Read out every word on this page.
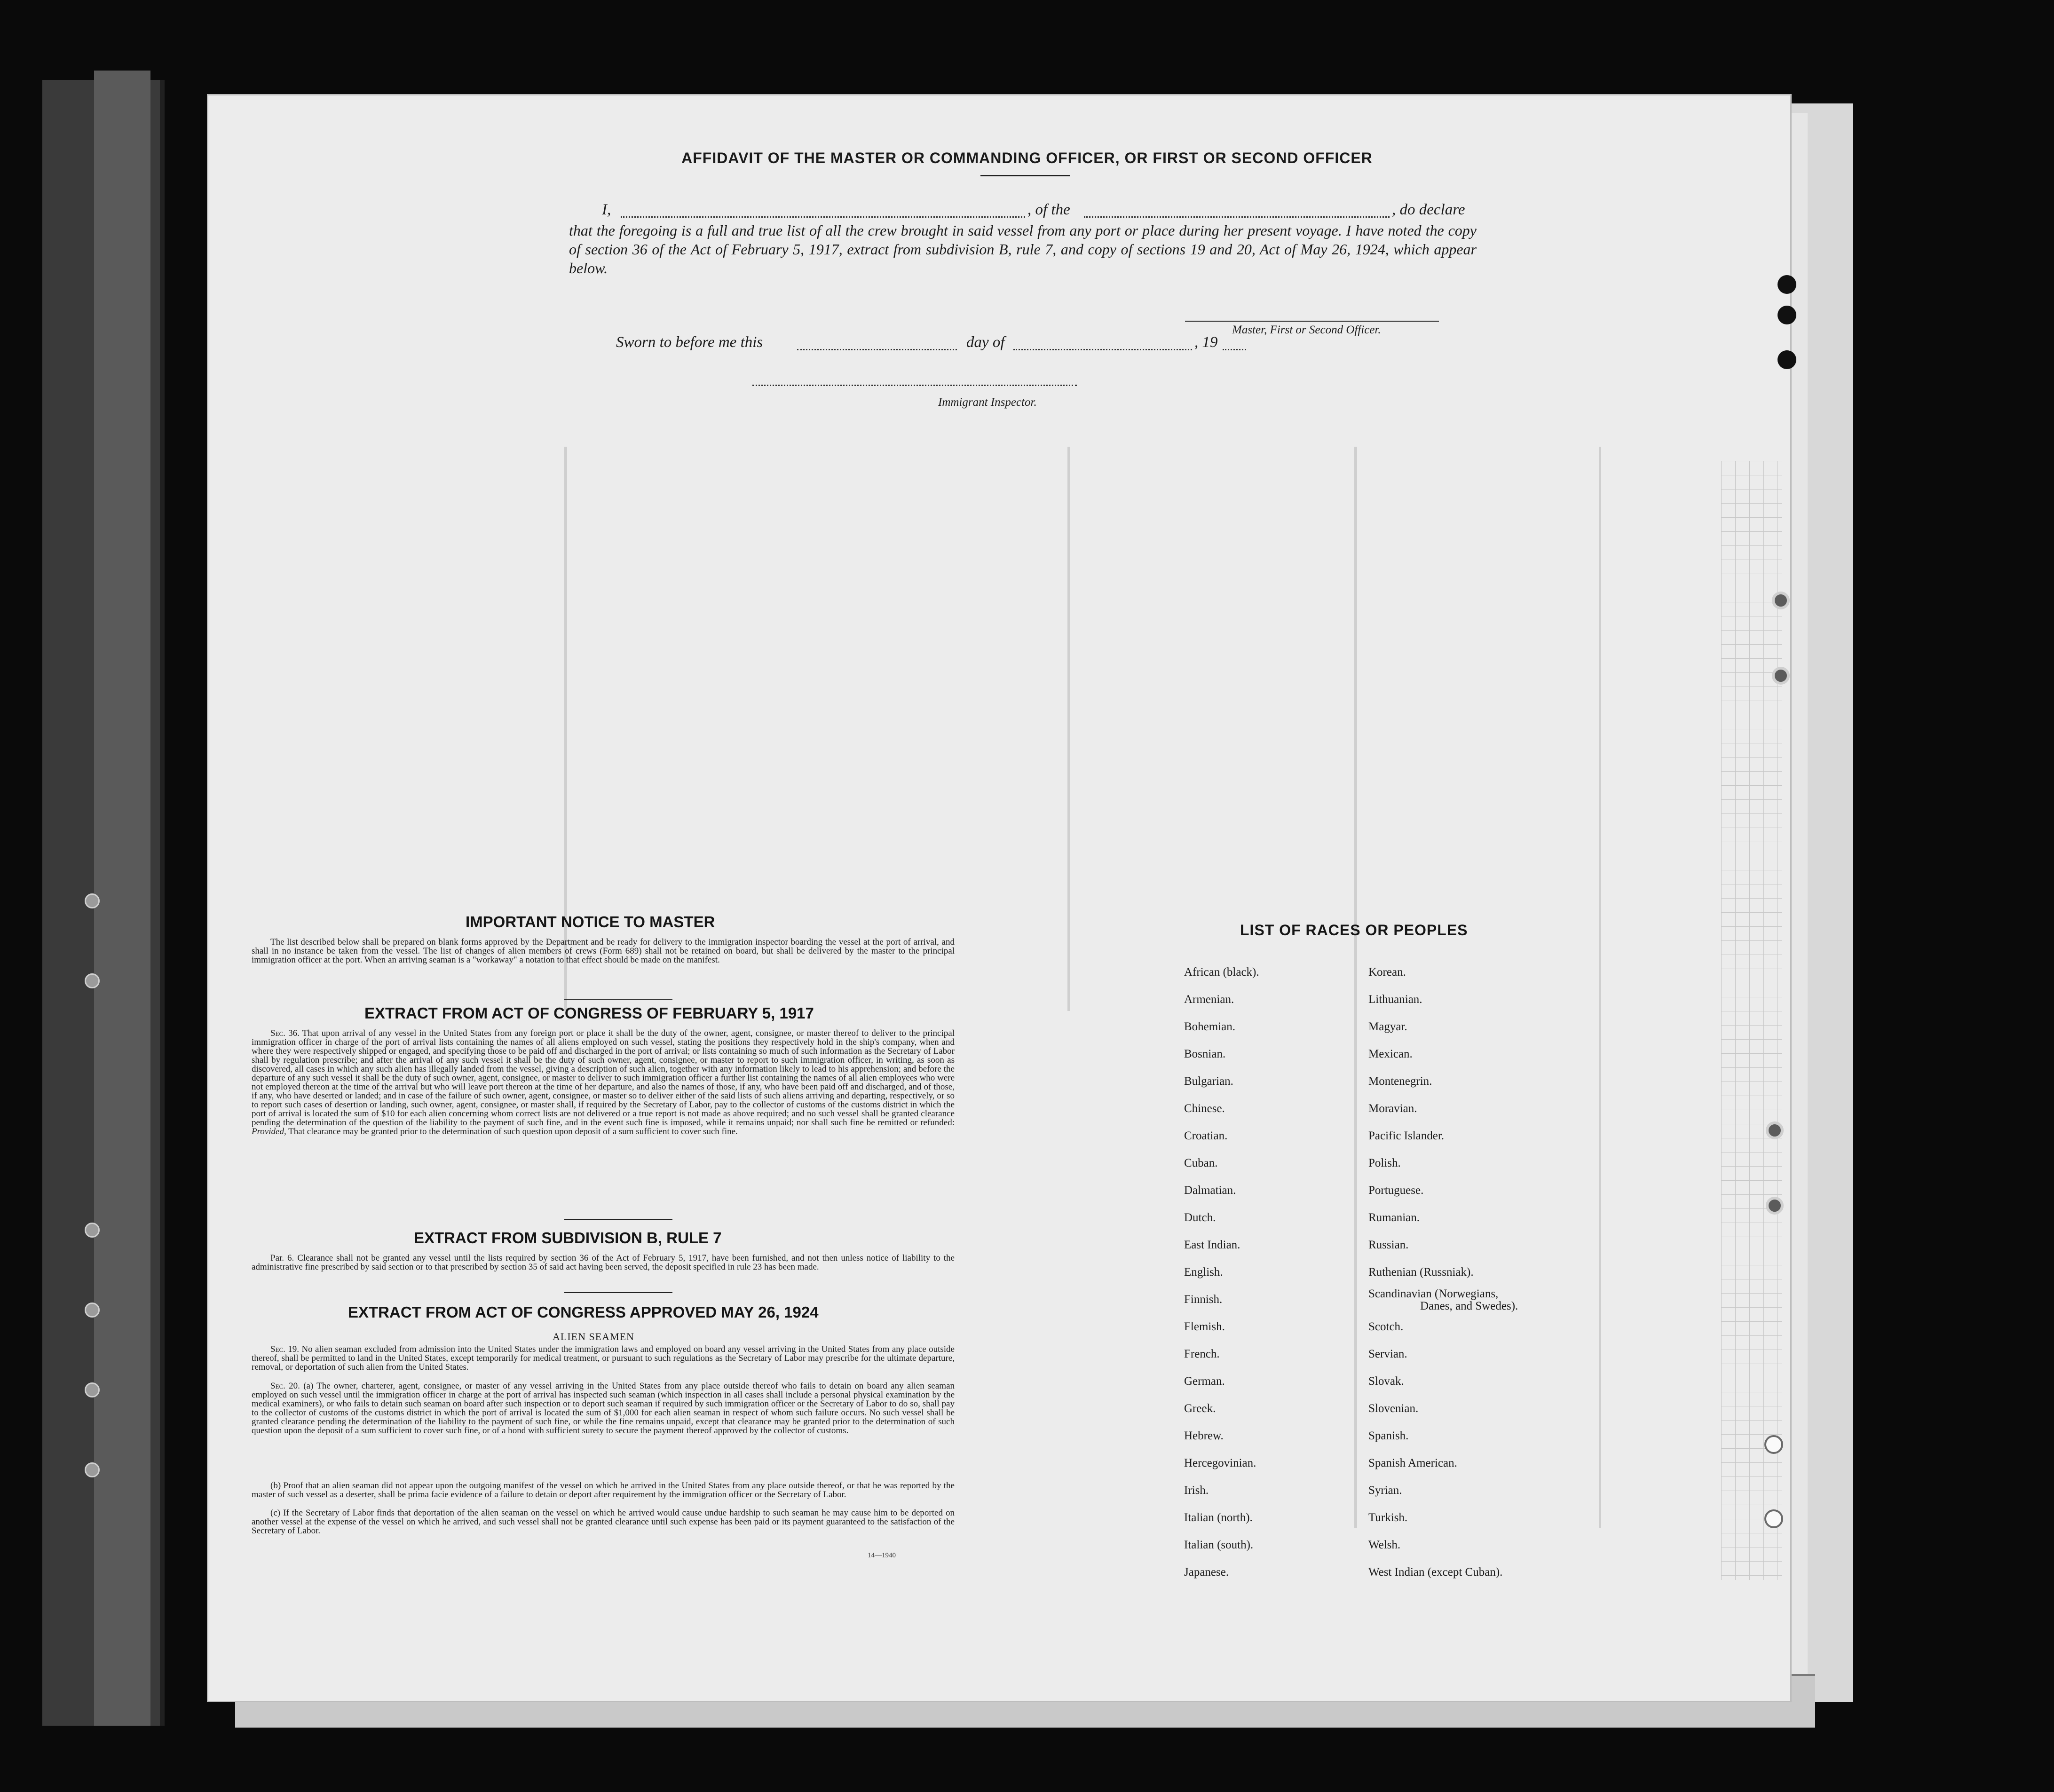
AFFIDAVIT OF THE MASTER OR COMMANDING OFFICER, OR FIRST OR SECOND OFFICER
I,	, of the	, do declare
that the foregoing is a full and true list of all the crew brought in said vessel from any port or place during her present voyage. I have noted the copy of section 36 of the Act of February 5, 1917, extract from subdivision B, rule 7, and copy of sections 19 and 20, Act of May 26, 1924, which appear below.
Master, First or Second Officer.
Sworn to before me this	day of	, 19
Immigrant Inspector.
IMPORTANT NOTICE TO MASTER
The list described below shall be prepared on blank forms approved by the Department and be ready for delivery to the immigration inspector boarding the vessel at the port of arrival, and shall in no instance be taken from the vessel. The list of changes of alien members of crews (Form 689) shall not be retained on board, but shall be delivered by the master to the principal immigration officer at the port. When an arriving seaman is a "workaway" a notation to that effect should be made on the manifest.
EXTRACT FROM ACT OF CONGRESS OF FEBRUARY 5, 1917
Sec. 36. That upon arrival of any vessel in the United States from any foreign port or place it shall be the duty of the owner, agent, consignee, or master thereof to deliver to the principal immigration officer in charge of the port of arrival lists containing the names of all aliens employed on such vessel, stating the positions they respectively hold in the ship's company, when and where they were respectively shipped or engaged, and specifying those to be paid off and discharged in the port of arrival; or lists containing so much of such information as the Secretary of Labor shall by regulation prescribe; and after the arrival of any such vessel it shall be the duty of such owner, agent, consignee, or master to report to such immigration officer, in writing, as soon as discovered, all cases in which any such alien has illegally landed from the vessel, giving a description of such alien, together with any information likely to lead to his apprehension; and before the departure of any such vessel it shall be the duty of such owner, agent, consignee, or master to deliver to such immigration officer a further list containing the names of all alien employees who were not employed thereon at the time of the arrival but who will leave port thereon at the time of her departure, and also the names of those, if any, who have been paid off and discharged, and of those, if any, who have deserted or landed; and in case of the failure of such owner, agent, consignee, or master so to deliver either of the said lists of such aliens arriving and departing, respectively, or so to report such cases of desertion or landing, such owner, agent, consignee, or master shall, if required by the Secretary of Labor, pay to the collector of customs of the customs district in which the port of arrival is located the sum of $10 for each alien concerning whom correct lists are not delivered or a true report is not made as above required; and no such vessel shall be granted clearance pending the determination of the question of the liability to the payment of such fine, and in the event such fine is imposed, while it remains unpaid; nor shall such fine be remitted or refunded: Provided, That clearance may be granted prior to the determination of such question upon deposit of a sum sufficient to cover such fine.
EXTRACT FROM SUBDIVISION B, RULE 7
Par. 6. Clearance shall not be granted any vessel until the lists required by section 36 of the Act of February 5, 1917, have been furnished, and not then unless notice of liability to the administrative fine prescribed by said section or to that prescribed by section 35 of said act having been served, the deposit specified in rule 23 has been made.
EXTRACT FROM ACT OF CONGRESS APPROVED MAY 26, 1924
ALIEN SEAMEN
Sec. 19. No alien seaman excluded from admission into the United States under the immigration laws and employed on board any vessel arriving in the United States from any place outside thereof, shall be permitted to land in the United States, except temporarily for medical treatment, or pursuant to such regulations as the Secretary of Labor may prescribe for the ultimate departure, removal, or deportation of such alien from the United States.
Sec. 20. (a) The owner, charterer, agent, consignee, or master of any vessel arriving in the United States from any place outside thereof who fails to detain on board any alien seaman employed on such vessel until the immigration officer in charge at the port of arrival has inspected such seaman (which inspection in all cases shall include a personal physical examination by the medical examiners), or who fails to detain such seaman on board after such inspection or to deport such seaman if required by such immigration officer or the Secretary of Labor to do so, shall pay to the collector of customs of the customs district in which the port of arrival is located the sum of $1,000 for each alien seaman in respect of whom such failure occurs. No such vessel shall be granted clearance pending the determination of the liability to the payment of such fine, or while the fine remains unpaid, except that clearance may be granted prior to the determination of such question upon the deposit of a sum sufficient to cover such fine, or of a bond with sufficient surety to secure the payment thereof approved by the collector of customs.
(b) Proof that an alien seaman did not appear upon the outgoing manifest of the vessel on which he arrived in the United States from any place outside thereof, or that he was reported by the master of such vessel as a deserter, shall be prima facie evidence of a failure to detain or deport after requirement by the immigration officer or the Secretary of Labor.
(c) If the Secretary of Labor finds that deportation of the alien seaman on the vessel on which he arrived would cause undue hardship to such seaman he may cause him to be deported on another vessel at the expense of the vessel on which he arrived, and such vessel shall not be granted clearance until such expense has been paid or its payment guaranteed to the satisfaction of the Secretary of Labor.
14—1940
LIST OF RACES OR PEOPLES
African (black).
Armenian.
Bohemian.
Bosnian.
Bulgarian.
Chinese.
Croatian.
Cuban.
Dalmatian.
Dutch.
East Indian.
English.
Finnish.
Flemish.
French.
German.
Greek.
Hebrew.
Hercegovinian.
Irish.
Italian (north).
Italian (south).
Japanese.
Korean.
Lithuanian.
Magyar.
Mexican.
Montenegrin.
Moravian.
Pacific Islander.
Polish.
Portuguese.
Rumanian.
Russian.
Ruthenian (Russniak).
Scandinavian (Norwegians,
Danes, and Swedes).
Scotch.
Servian.
Slovak.
Slovenian.
Spanish.
Spanish American.
Syrian.
Turkish.
Welsh.
West Indian (except Cuban).
